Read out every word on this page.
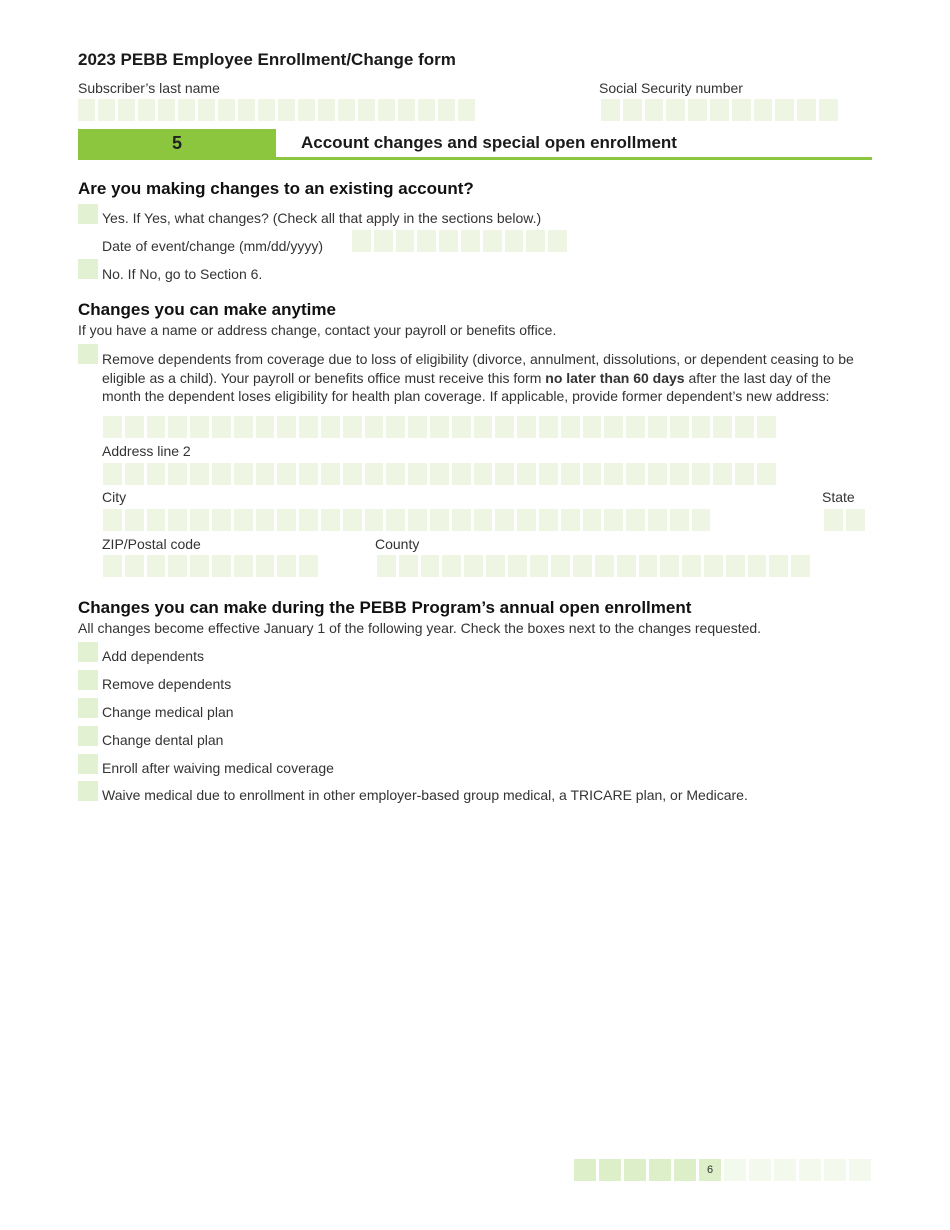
2023 PEBB Employee Enrollment/Change form
Subscriber’s last name	Social Security number
5	Account changes and special open enrollment
Are you making changes to an existing account?
Yes. If Yes, what changes? (Check all that apply in the sections below.)
Date of event/change (mm/dd/yyyy)
No. If No, go to Section 6.
Changes you can make anytime
If you have a name or address change, contact your payroll or benefits office.
Remove dependents from coverage due to loss of eligibility (divorce, annulment, dissolutions, or dependent ceasing to be eligible as a child). Your payroll or benefits office must receive this form no later than 60 days after the last day of the month the dependent loses eligibility for health plan coverage. If applicable, provide former dependent’s new address:
Address line 2
City	State
ZIP/Postal code	County
Changes you can make during the PEBB Program’s annual open enrollment
All changes become effective January 1 of the following year. Check the boxes next to the changes requested.
Add dependents
Remove dependents
Change medical plan
Change dental plan
Enroll after waiving medical coverage
Waive medical due to enrollment in other employer-based group medical, a TRICARE plan, or Medicare.
6
